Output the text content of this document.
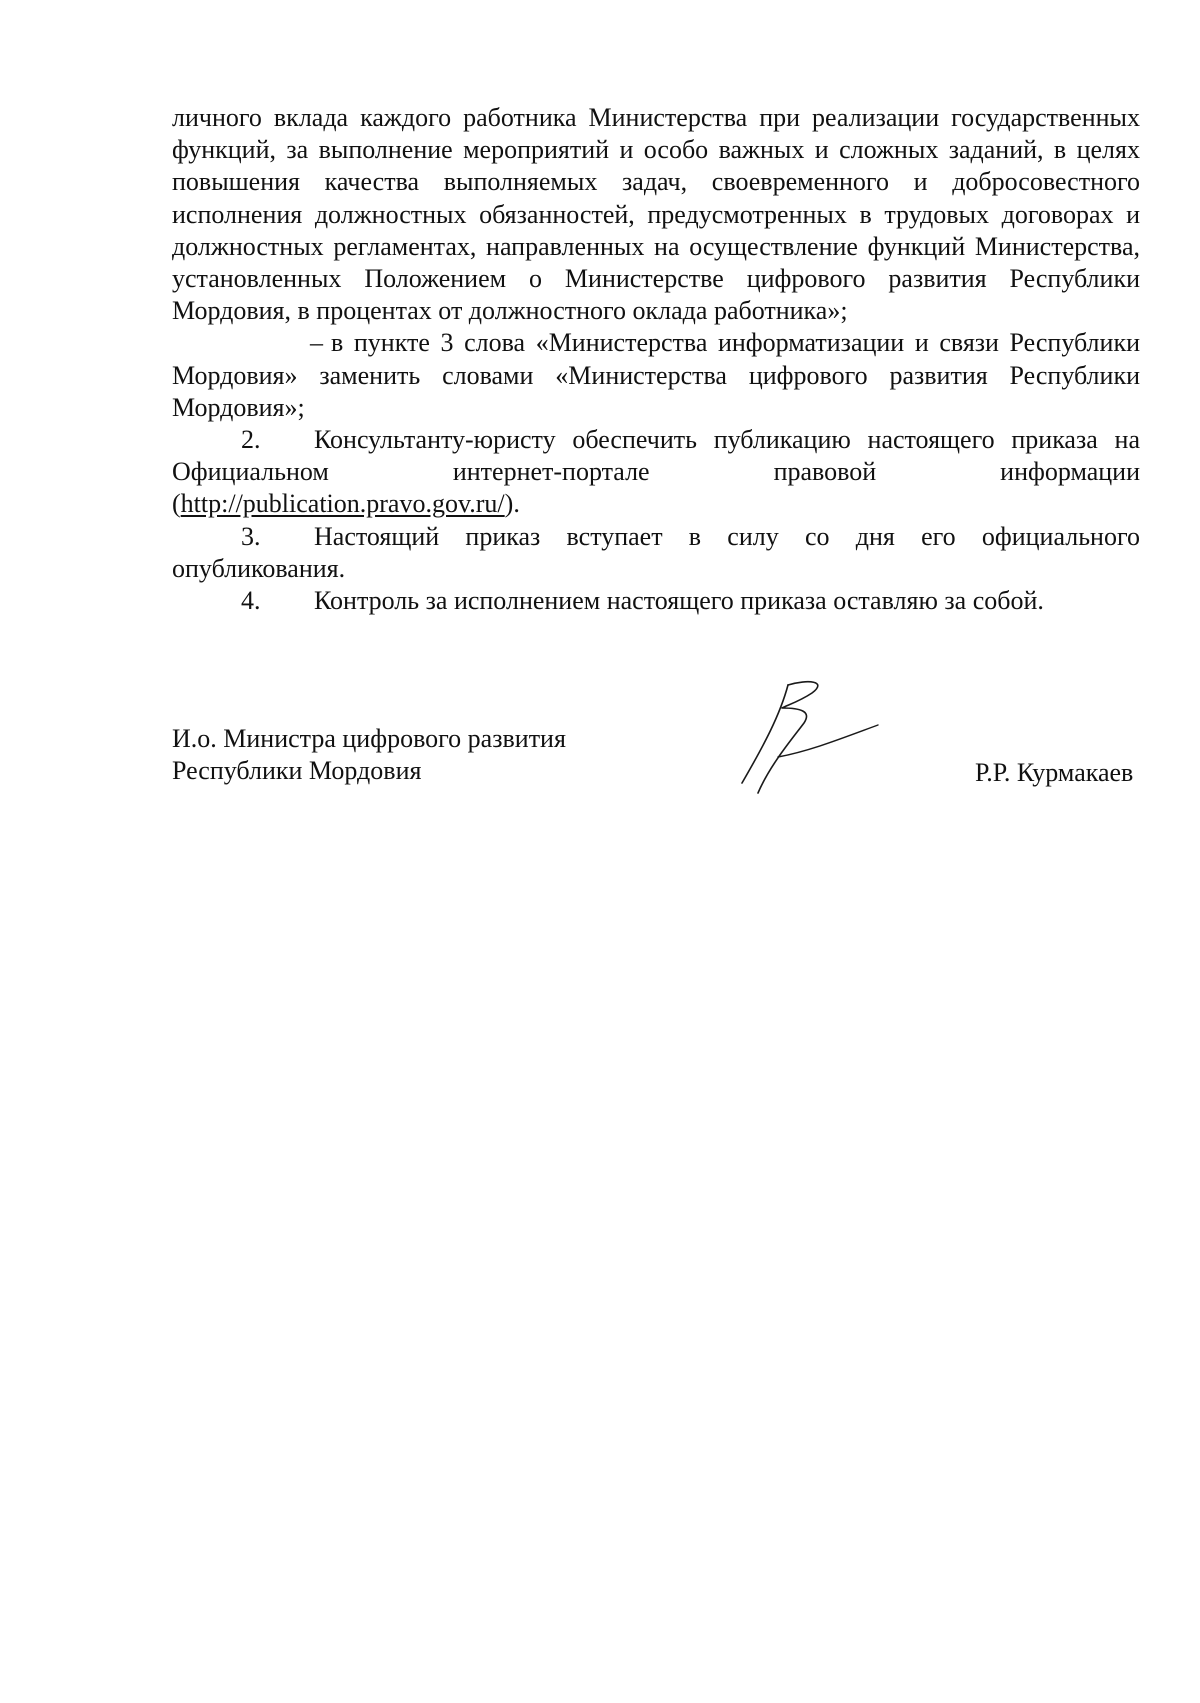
личного вклада каждого работника Министерства при реализации государственных функций, за выполнение мероприятий и особо важных и сложных заданий, в целях повышения качества выполняемых задач, своевременного и добросовестного исполнения должностных обязанностей, предусмотренных в трудовых договорах и должностных регламентах, направленных на осуществление функций Министерства, установленных Положением о Министерстве цифрового развития Республики Мордовия, в процентах от должностного оклада работника»;

– в пункте 3 слова «Министерства информатизации и связи Республики Мордовия» заменить словами «Министерства цифрового развития Республики Мордовия»;

2. Консультанту-юристу обеспечить публикацию настоящего приказа на Официальном интернет-портале правовой информации (http://publication.pravo.gov.ru/).

3. Настоящий приказ вступает в силу со дня его официального опубликования.

4. Контроль за исполнением настоящего приказа оставляю за собой.

И.о. Министра цифрового развития
Республики Мордовия	Р.Р. Курмакаев
